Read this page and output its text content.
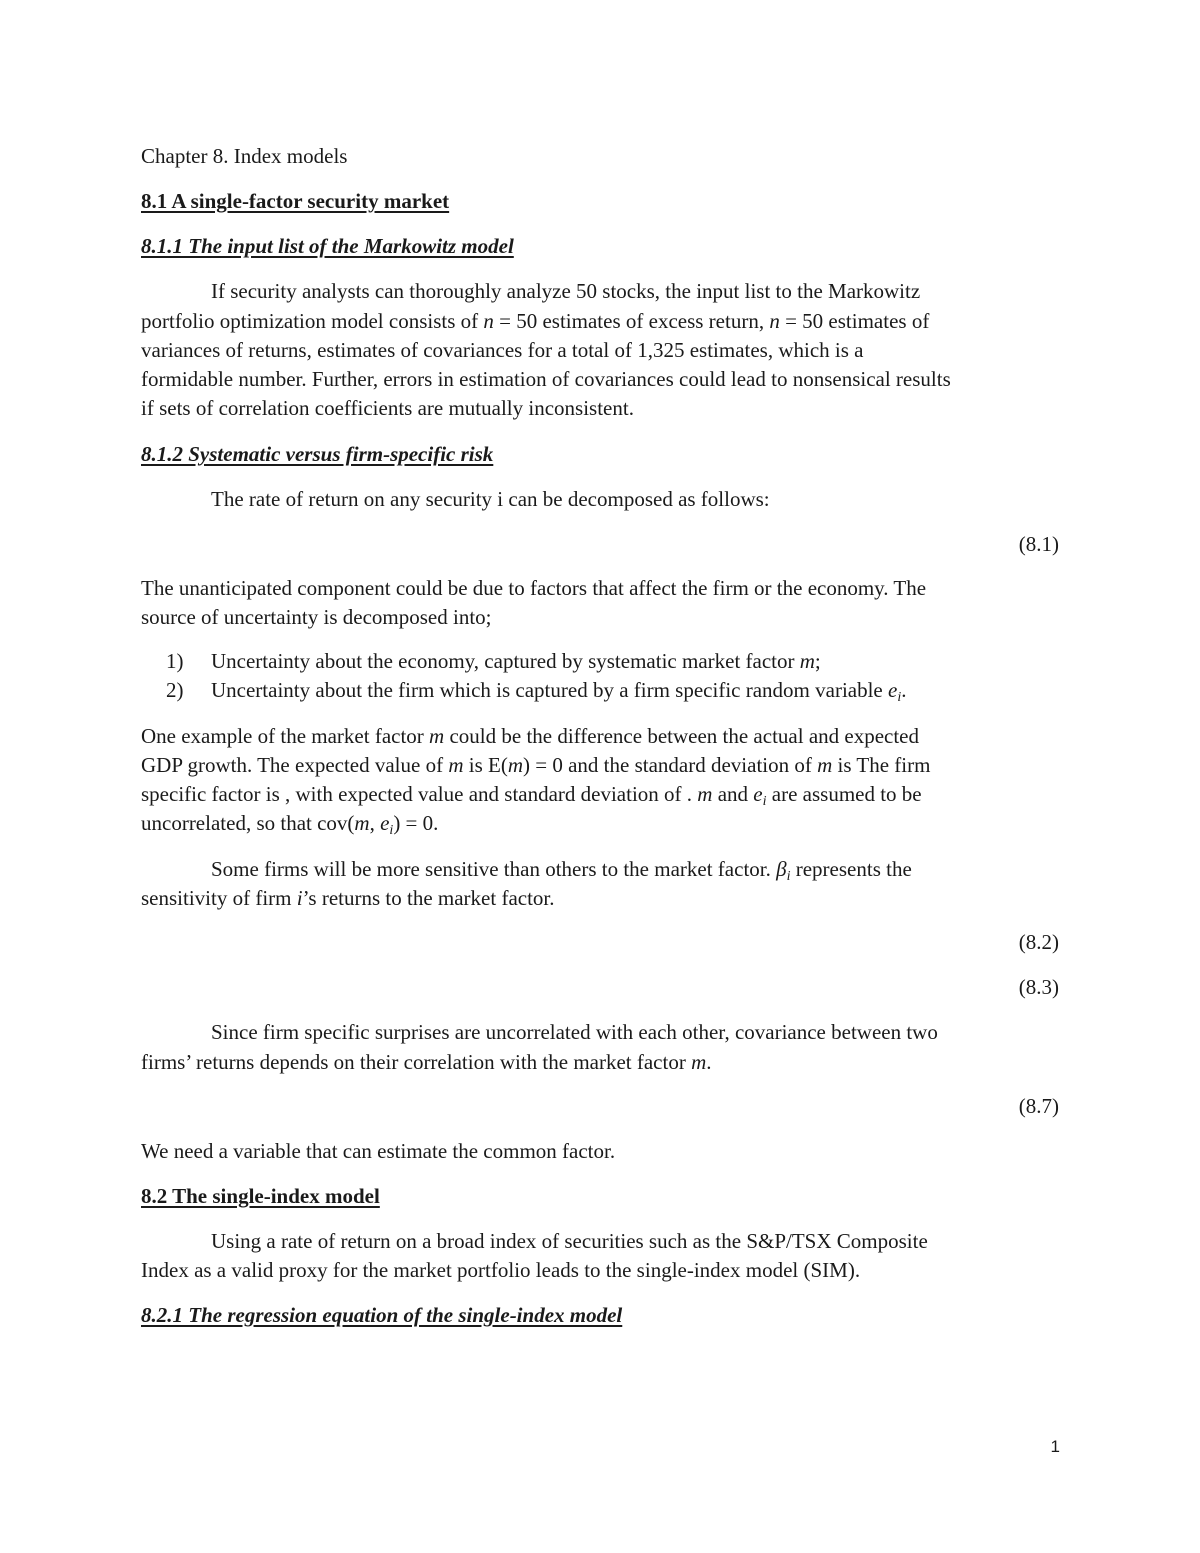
Chapter 8. Index models
8.1 A single-factor security market
8.1.1 The input list of the Markowitz model
If security analysts can thoroughly analyze 50 stocks, the input list to the Markowitz
portfolio optimization model consists of n = 50 estimates of excess return, n = 50 estimates of
variances of returns, estimates of covariances for a total of 1,325 estimates, which is a
formidable number. Further, errors in estimation of covariances could lead to nonsensical results
if sets of correlation coefficients are mutually inconsistent.
8.1.2 Systematic versus firm-specific risk
The rate of return on any security i can be decomposed as follows:
(8.1)
The unanticipated component could be due to factors that affect the firm or the economy. The
source of uncertainty is decomposed into;
1) Uncertainty about the economy, captured by systematic market factor m;
2) Uncertainty about the firm which is captured by a firm specific random variable $e_i$.
One example of the market factor m could be the difference between the actual and expected
GDP growth. The expected value of m is E(m) = 0 and the standard deviation of m is The firm
specific factor is , with expected value and standard deviation of . m and $e_i$ are assumed to be
uncorrelated, so that cov(m, $e_i) = 0$.
Some firms will be more sensitive than others to the market factor. $\beta_i$ represents the
sensitivity of firm i’s returns to the market factor.
(8.2)
(8.3)
Since firm specific surprises are uncorrelated with each other, covariance between two
firms’ returns depends on their correlation with the market factor m.
(8.7)
We need a variable that can estimate the common factor.
8.2 The single-index model
Using a rate of return on a broad index of securities such as the S&P/TSX Composite
Index as a valid proxy for the market portfolio leads to the single-index model (SIM).
8.2.1 The regression equation of the single-index model
1
